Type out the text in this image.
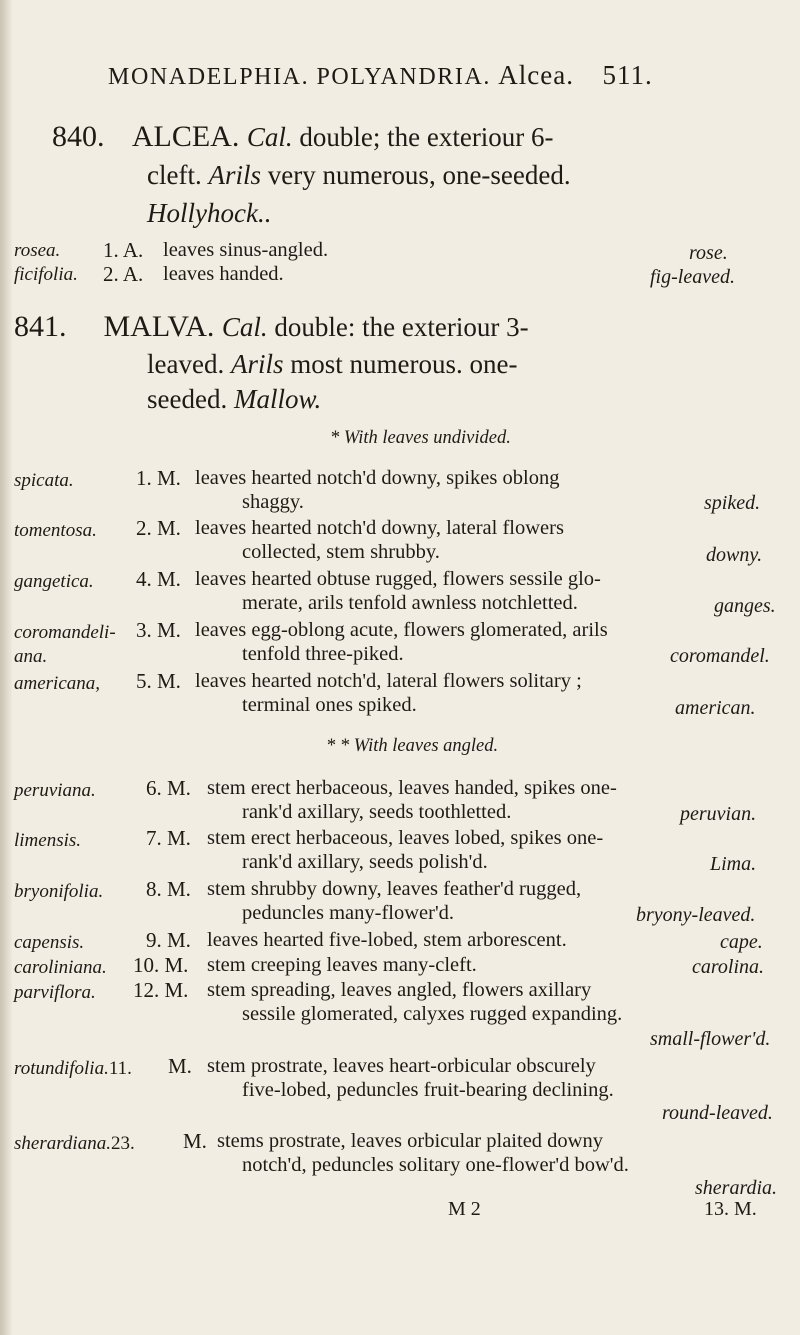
MONADELPHIA. POLYANDRIA. Alcea. 511.
840. ALCEA. Cal. double; the exteriour 6-
cleft. Arils very numerous, one-seeded.
Hollyhock..
rosea. 1. A. leaves sinus-angled.	rose.
ficifolia. 2. A. leaves handed.	fig-leaved.
841. MALVA. Cal. double: the exteriour 3-
leaved. Arils most numerous. one-
seeded. Mallow.
* With leaves undivided.
spicata.	1. M. leaves hearted notch'd downy, spikes oblong
shaggy.	spiked.
tomentosa. 2. M. leaves hearted notch'd downy, lateral flowers
collected, stem shrubby.	downy.
gangetica. 4. M. leaves hearted obtuse rugged, flowers sessile glo-
merate, arils tenfold awnless notchletted.	ganges.
coromandeli-
ana.
3. M. leaves egg-oblong acute, flowers glomerated, arils
tenfold three-piked.	coromandel.
americana, 5. M. leaves hearted notch'd, lateral flowers solitary ;
terminal ones spiked.	american.
* * With leaves angled.
peruviana. 6. M. stem erect herbaceous, leaves handed, spikes one-
rank'd axillary, seeds toothletted.	peruvian.
limensis.	7. M. stem erect herbaceous, leaves lobed, spikes one-
rank'd axillary, seeds polish'd.	Lima.
bryonifolia. 8. M. stem shrubby downy, leaves feather'd rugged,
peduncles many-flower'd.	bryony-leaved.
capensis.	9. M. leaves hearted five-lobed, stem arborescent.	cape.
caroliniana. 10. M. stem creeping leaves many-cleft.	carolina.
parviflora. 12. M. stem spreading, leaves angled, flowers axillary
sessile glomerated, calyxes rugged expanding.
small-flower'd.
rotundifolia.11. M. stem prostrate, leaves heart-orbicular obscurely
five-lobed, peduncles fruit-bearing declining.
round-leaved.
sherardiana.23. M. stems prostrate, leaves orbicular plaited downy
notch'd, peduncles solitary one-flower'd bow'd.
sherardia.
M 2	13. M.
